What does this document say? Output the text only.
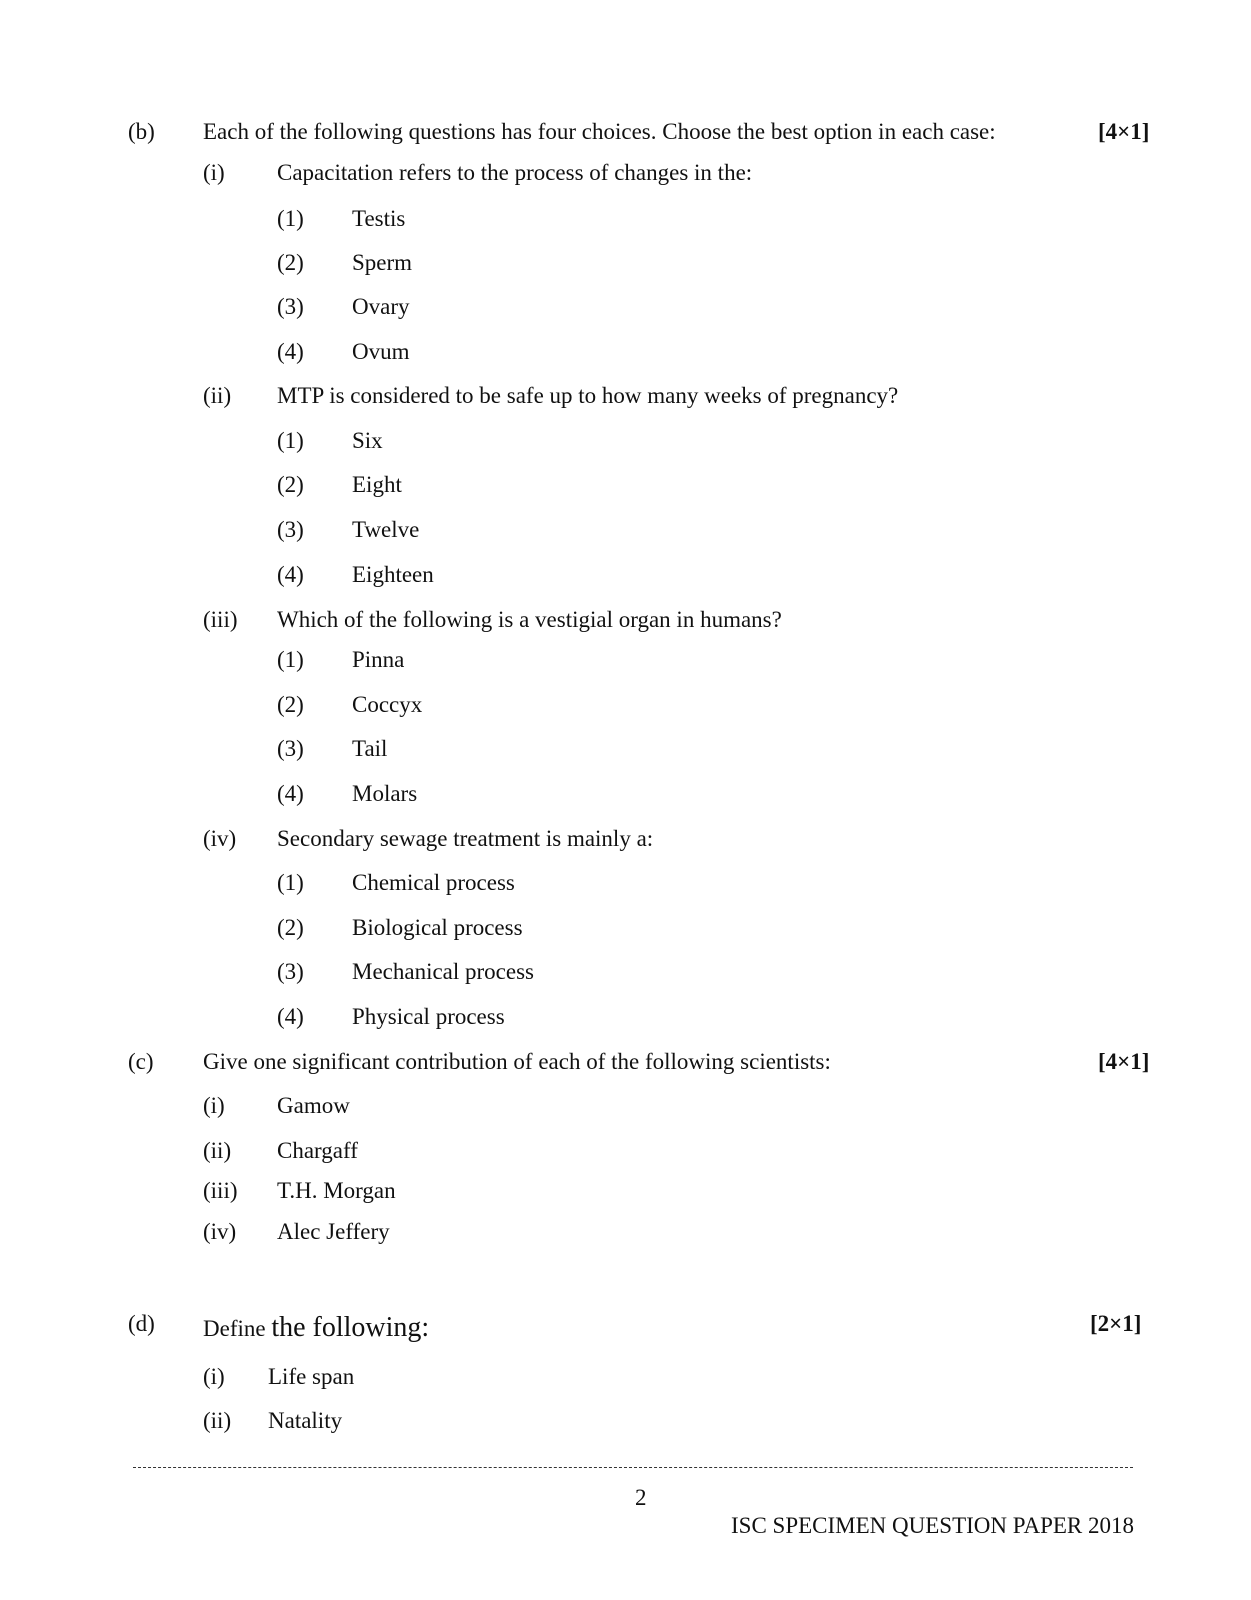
(b) Each of the following questions has four choices. Choose the best option in each case:	[4×1]
(i) Capacitation refers to the process of changes in the:
(1) Testis
(2) Sperm
(3) Ovary
(4) Ovum
(ii) MTP is considered to be safe up to how many weeks of pregnancy?
(1) Six
(2) Eight
(3) Twelve
(4) Eighteen
(iii) Which of the following is a vestigial organ in humans?
(1) Pinna
(2) Coccyx
(3) Tail
(4) Molars
(iv) Secondary sewage treatment is mainly a:
(1) Chemical process
(2) Biological process
(3) Mechanical process
(4) Physical process
(c) Give one significant contribution of each of the following scientists:	[4×1]
(i) Gamow
(ii) Chargaff
(iii) T.H. Morgan
(iv) Alec Jeffery
(d) Define the following:	[2×1]
(i) Life span
(ii) Natality
2
ISC SPECIMEN QUESTION PAPER 2018
